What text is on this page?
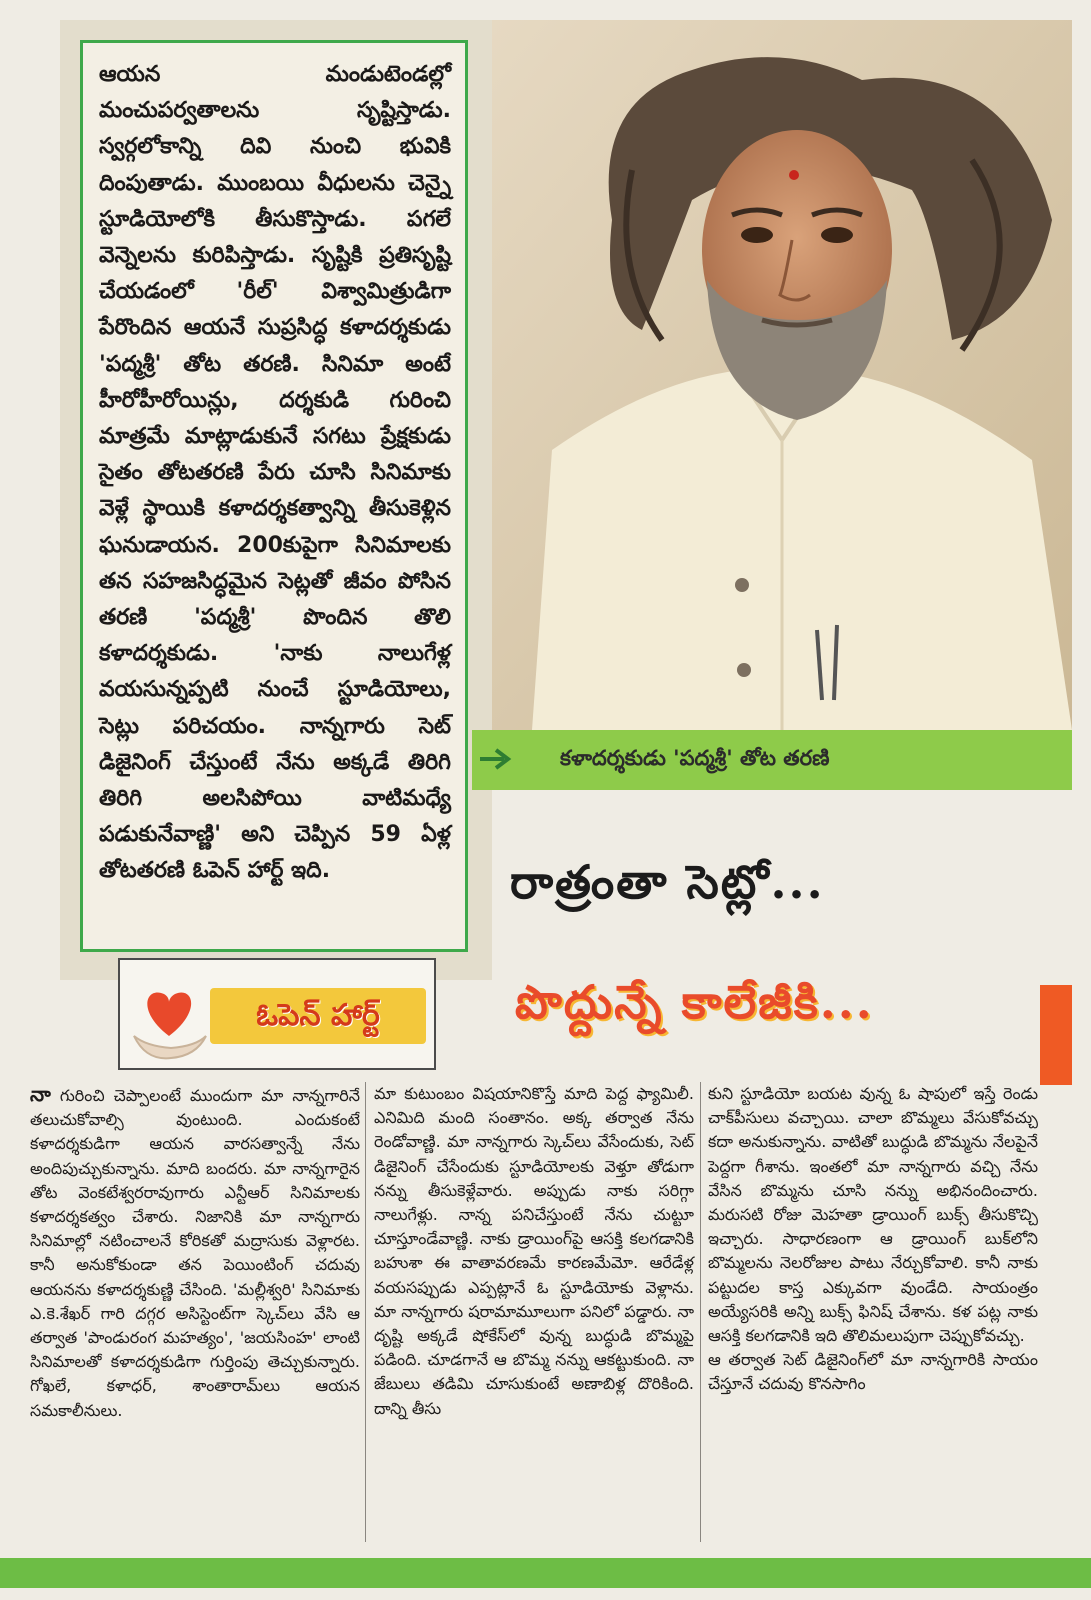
ఆయన మండుటెండల్లో మంచుపర్వతాలను సృష్టిస్తాడు. స్వర్గలోకాన్ని దివి నుంచి భువికి దింపుతాడు. ముంబయి వీధులను చెన్నై స్టూడియోలోకి తీసుకొస్తాడు. పగలే వెన్నెలను కురిపిస్తాడు. సృష్టికి ప్రతిసృష్టి చేయడంలో 'రీల్' విశ్వామిత్రుడిగా పేరొందిన ఆయనే సుప్రసిద్ధ కళాదర్శకుడు 'పద్మశ్రీ' తోట తరణి. సినిమా అంటే హీరోహీరోయిన్లు, దర్శకుడి గురించి మాత్రమే మాట్లాడుకునే సగటు ప్రేక్షకుడు సైతం తోటతరణి పేరు చూసి సినిమాకు వెళ్లే స్థాయికి కళాదర్శకత్వాన్ని తీసుకెళ్లిన ఘనుడాయన. 200కుపైగా సినిమాలకు తన సహజసిద్ధమైన సెట్లతో జీవం పోసిన తరణి 'పద్మశ్రీ' పొందిన తొలి కళాదర్శకుడు. 'నాకు నాలుగేళ్ల వయసున్నప్పటి నుంచే స్టూడియోలు, సెట్లు పరిచయం. నాన్నగారు సెట్ డిజైనింగ్ చేస్తుంటే నేను అక్కడే తిరిగి తిరిగి అలసిపోయి వాటిమధ్యే పడుకునేవాణ్ణి' అని చెప్పిన 59 ఏళ్ల తోటతరణి ఓపెన్ హార్ట్ ఇది.

కళాదర్శకుడు 'పద్మశ్రీ' తోట తరణి
రాత్రంతా సెట్లో...
పొద్దున్నే కాలేజీకి...
ఓపెన్ హార్ట్

నా గురించి చెప్పాలంటే ముందుగా మా నాన్నగారినే తలుచుకోవాల్సి వుంటుంది. ఎందుకంటే కళాదర్శకుడిగా ఆయన వారసత్వాన్నే నేను అందిపుచ్చుకున్నాను. మాది బందరు. మా నాన్నగారైన తోట వెంకటేశ్వరరావుగారు ఎన్టీఆర్ సినిమాలకు కళాదర్శకత్వం చేశారు. నిజానికి మా నాన్నగారు సినిమాల్లో నటించాలనే కోరికతో మద్రాసుకు వెళ్లారట. కానీ అనుకోకుండా తన పెయింటింగ్ చదువు ఆయనను కళాదర్శకుణ్ణి చేసింది. 'మల్లీశ్వరి' సినిమాకు ఎ.కె.శేఖర్ గారి దగ్గర అసిస్టెంట్‌గా స్కెచ్‌లు వేసి ఆ తర్వాత 'పాండురంగ మహత్యం', 'జయసింహ' లాంటి సినిమాలతో కళాదర్శకుడిగా గుర్తింపు తెచ్చుకున్నారు. గోఖలే, కళాధర్, శాంతారామ్‌లు ఆయన సమకాలీనులు.

మా కుటుంబం విషయానికొస్తే మాది పెద్ద ఫ్యామిలీ. ఎనిమిది మంది సంతానం. అక్క తర్వాత నేను రెండోవాణ్ణి. మా నాన్నగారు స్కెచ్‌లు వేసేందుకు, సెట్ డిజైనింగ్ చేసేందుకు స్టూడియోలకు వెళ్తూ తోడుగా నన్ను తీసుకెళ్లేవారు. అప్పుడు నాకు సరిగ్గా నాలుగేళ్లు. నాన్న పనిచేస్తుంటే నేను చుట్టూ చూస్తూండేవాణ్ణి. నాకు డ్రాయింగ్‌పై ఆసక్తి కలగడానికి బహుశా ఈ వాతావరణమే కారణమేమో. ఆరేడేళ్ల వయసప్పుడు ఎప్పట్లానే ఓ స్టూడియోకు వెళ్లాను. మా నాన్నగారు షరామామూలుగా పనిలో పడ్డారు. నా దృష్టి అక్కడే షోకేస్‌లో వున్న బుద్ధుడి బొమ్మపై పడింది. చూడగానే ఆ బొమ్మ నన్ను ఆకట్టుకుంది. నా జేబులు తడిమి చూసుకుంటే అణాబిళ్ల దొరికింది. దాన్ని తీసు

కుని స్టూడియో బయట వున్న ఓ షాపులో ఇస్తే రెండు చాక్‌పీసులు వచ్చాయి. చాలా బొమ్మలు వేసుకోవచ్చు కదా అనుకున్నాను. వాటితో బుద్ధుడి బొమ్మను నేలపైనే పెద్దగా గీశాను. ఇంతలో మా నాన్నగారు వచ్చి నేను వేసిన బొమ్మను చూసి నన్ను అభినందించారు. మరుసటి రోజు మెహతా డ్రాయింగ్ బుక్స్ తీసుకొచ్చి ఇచ్చారు. సాధారణంగా ఆ డ్రాయింగ్ బుక్‌లోని బొమ్మలను నెలరోజుల పాటు నేర్చుకోవాలి. కానీ నాకు పట్టుదల కాస్త ఎక్కువగా వుండేది. సాయంత్రం అయ్యేసరికి అన్ని బుక్స్ ఫినిష్ చేశాను. కళ పట్ల నాకు ఆసక్తి కలగడానికి ఇది తొలిమలుపుగా చెప్పుకోవచ్చు.
ఆ తర్వాత సెట్ డిజైనింగ్‌లో మా నాన్నగారికి సాయం చేస్తూనే చదువు కొనసాగిం
